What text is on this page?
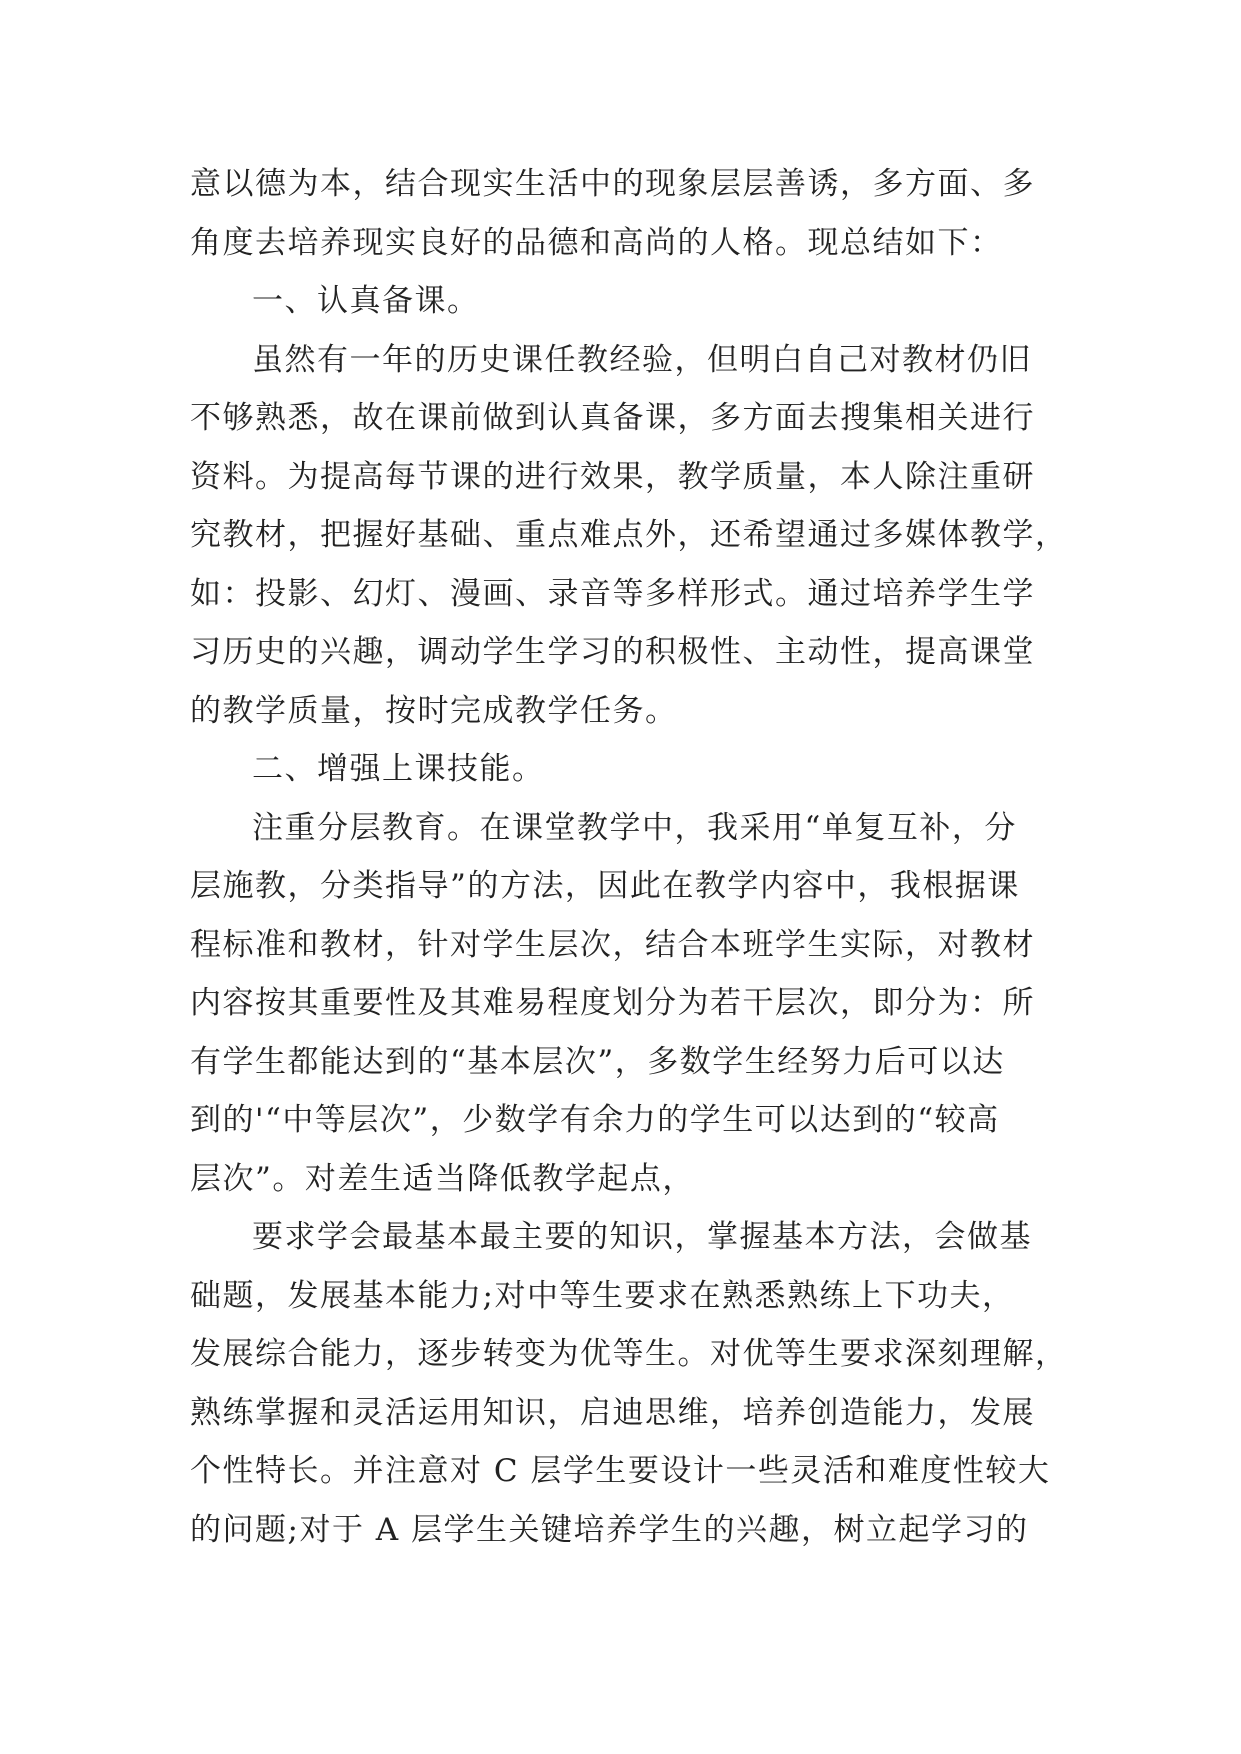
意以德为本，结合现实生活中的现象层层善诱，多方面、多
角度去培养现实良好的品德和高尚的人格。现总结如下：
一、认真备课。
虽然有一年的历史课任教经验，但明白自己对教材仍旧
不够熟悉，故在课前做到认真备课，多方面去搜集相关进行
资料。为提高每节课的进行效果，教学质量，本人除注重研
究教材，把握好基础、重点难点外，还希望通过多媒体教学，
如：投影、幻灯、漫画、录音等多样形式。通过培养学生学
习历史的兴趣，调动学生学习的积极性、主动性，提高课堂
的教学质量，按时完成教学任务。
二、增强上课技能。
注重分层教育。在课堂教学中，我采用“单复互补，分
层施教，分类指导”的方法，因此在教学内容中，我根据课
程标准和教材，针对学生层次，结合本班学生实际，对教材
内容按其重要性及其难易程度划分为若干层次，即分为：所
有学生都能达到的“基本层次”，多数学生经努力后可以达
到的'“中等层次”，少数学有余力的学生可以达到的“较高
层次”。对差生适当降低教学起点，
要求学会最基本最主要的知识，掌握基本方法，会做基
础题，发展基本能力;对中等生要求在熟悉熟练上下功夫，
发展综合能力，逐步转变为优等生。对优等生要求深刻理解，
熟练掌握和灵活运用知识，启迪思维，培养创造能力，发展
个性特长。并注意对 C 层学生要设计一些灵活和难度性较大
的问题;对于 A 层学生关键培养学生的兴趣，树立起学习的
